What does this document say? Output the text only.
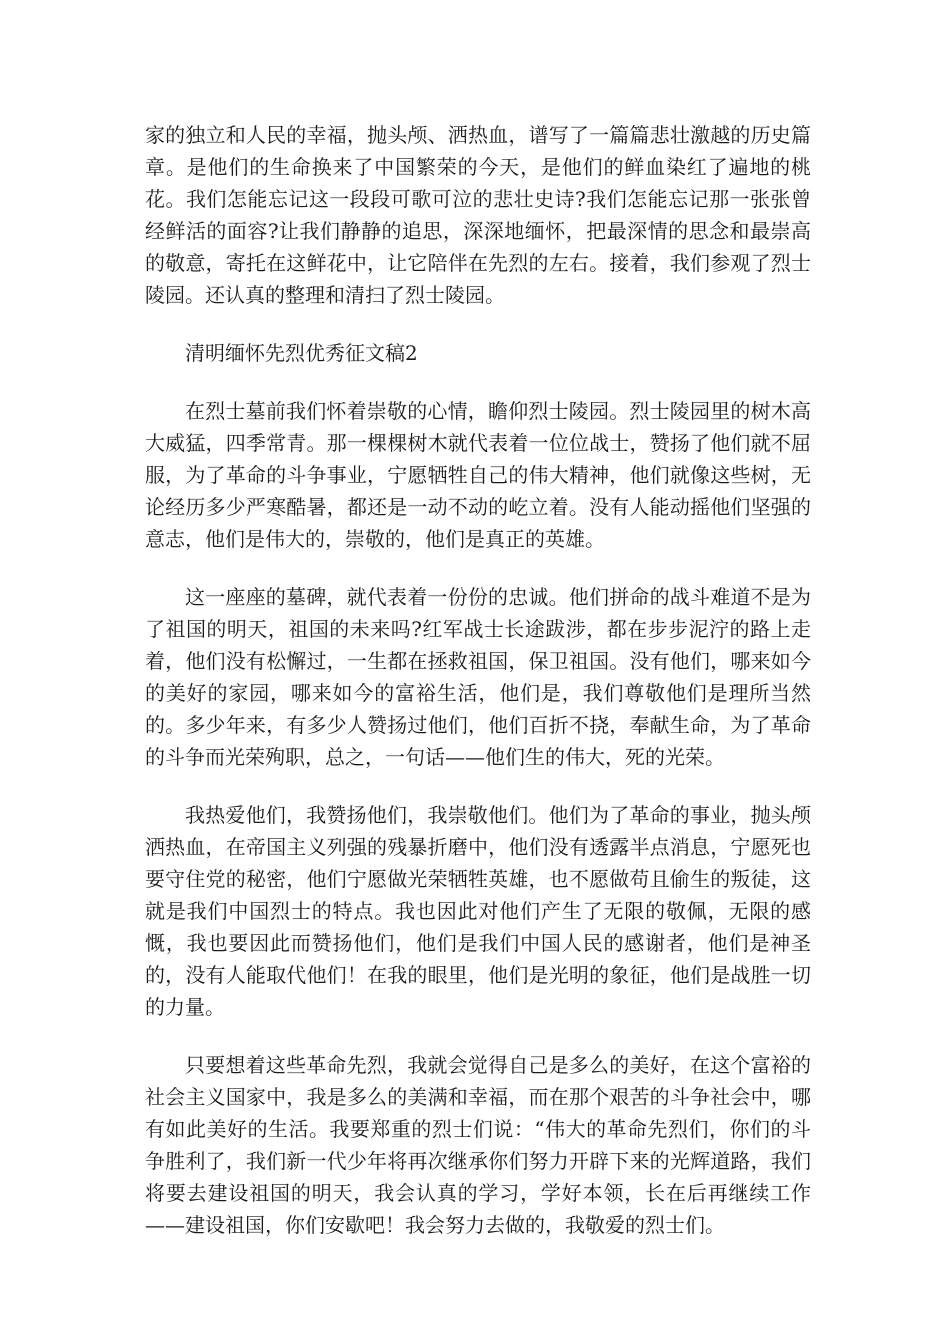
家的独立和人民的幸福，抛头颅、洒热血，谱写了一篇篇悲壮激越的历史篇章。是他们的生命换来了中国繁荣的今天，是他们的鲜血染红了遍地的桃花。我们怎能忘记这一段段可歌可泣的悲壮史诗?我们怎能忘记那一张张曾经鲜活的面容?让我们静静的追思，深深地缅怀，把最深情的思念和最崇高的敬意，寄托在这鲜花中，让它陪伴在先烈的左右。接着，我们参观了烈士陵园。还认真的整理和清扫了烈士陵园。

清明缅怀先烈优秀征文稿2

在烈士墓前我们怀着崇敬的心情，瞻仰烈士陵园。烈士陵园里的树木高大威猛，四季常青。那一棵棵树木就代表着一位位战士，赞扬了他们就不屈服，为了革命的斗争事业，宁愿牺牲自己的伟大精神，他们就像这些树，无论经历多少严寒酷暑，都还是一动不动的屹立着。没有人能动摇他们坚强的意志，他们是伟大的，崇敬的，他们是真正的英雄。

这一座座的墓碑，就代表着一份份的忠诚。他们拼命的战斗难道不是为了祖国的明天，祖国的未来吗?红军战士长途跋涉，都在步步泥泞的路上走着，他们没有松懈过，一生都在拯救祖国，保卫祖国。没有他们，哪来如今的美好的家园，哪来如今的富裕生活，他们是，我们尊敬他们是理所当然的。多少年来，有多少人赞扬过他们，他们百折不挠，奉献生命，为了革命的斗争而光荣殉职，总之，一句话——他们生的伟大，死的光荣。

我热爱他们，我赞扬他们，我崇敬他们。他们为了革命的事业，抛头颅洒热血，在帝国主义列强的残暴折磨中，他们没有透露半点消息，宁愿死也要守住党的秘密，他们宁愿做光荣牺牲英雄，也不愿做苟且偷生的叛徒，这就是我们中国烈士的特点。我也因此对他们产生了无限的敬佩，无限的感慨，我也要因此而赞扬他们，他们是我们中国人民的感谢者，他们是神圣的，没有人能取代他们！在我的眼里，他们是光明的象征，他们是战胜一切的力量。

只要想着这些革命先烈，我就会觉得自己是多么的美好，在这个富裕的社会主义国家中，我是多么的美满和幸福，而在那个艰苦的斗争社会中，哪有如此美好的生活。我要郑重的烈士们说：“伟大的革命先烈们，你们的斗争胜利了，我们新一代少年将再次继承你们努力开辟下来的光辉道路，我们将要去建设祖国的明天，我会认真的学习，学好本领，长在后再继续工作——建设祖国，你们安歇吧！我会努力去做的，我敬爱的烈士们。
